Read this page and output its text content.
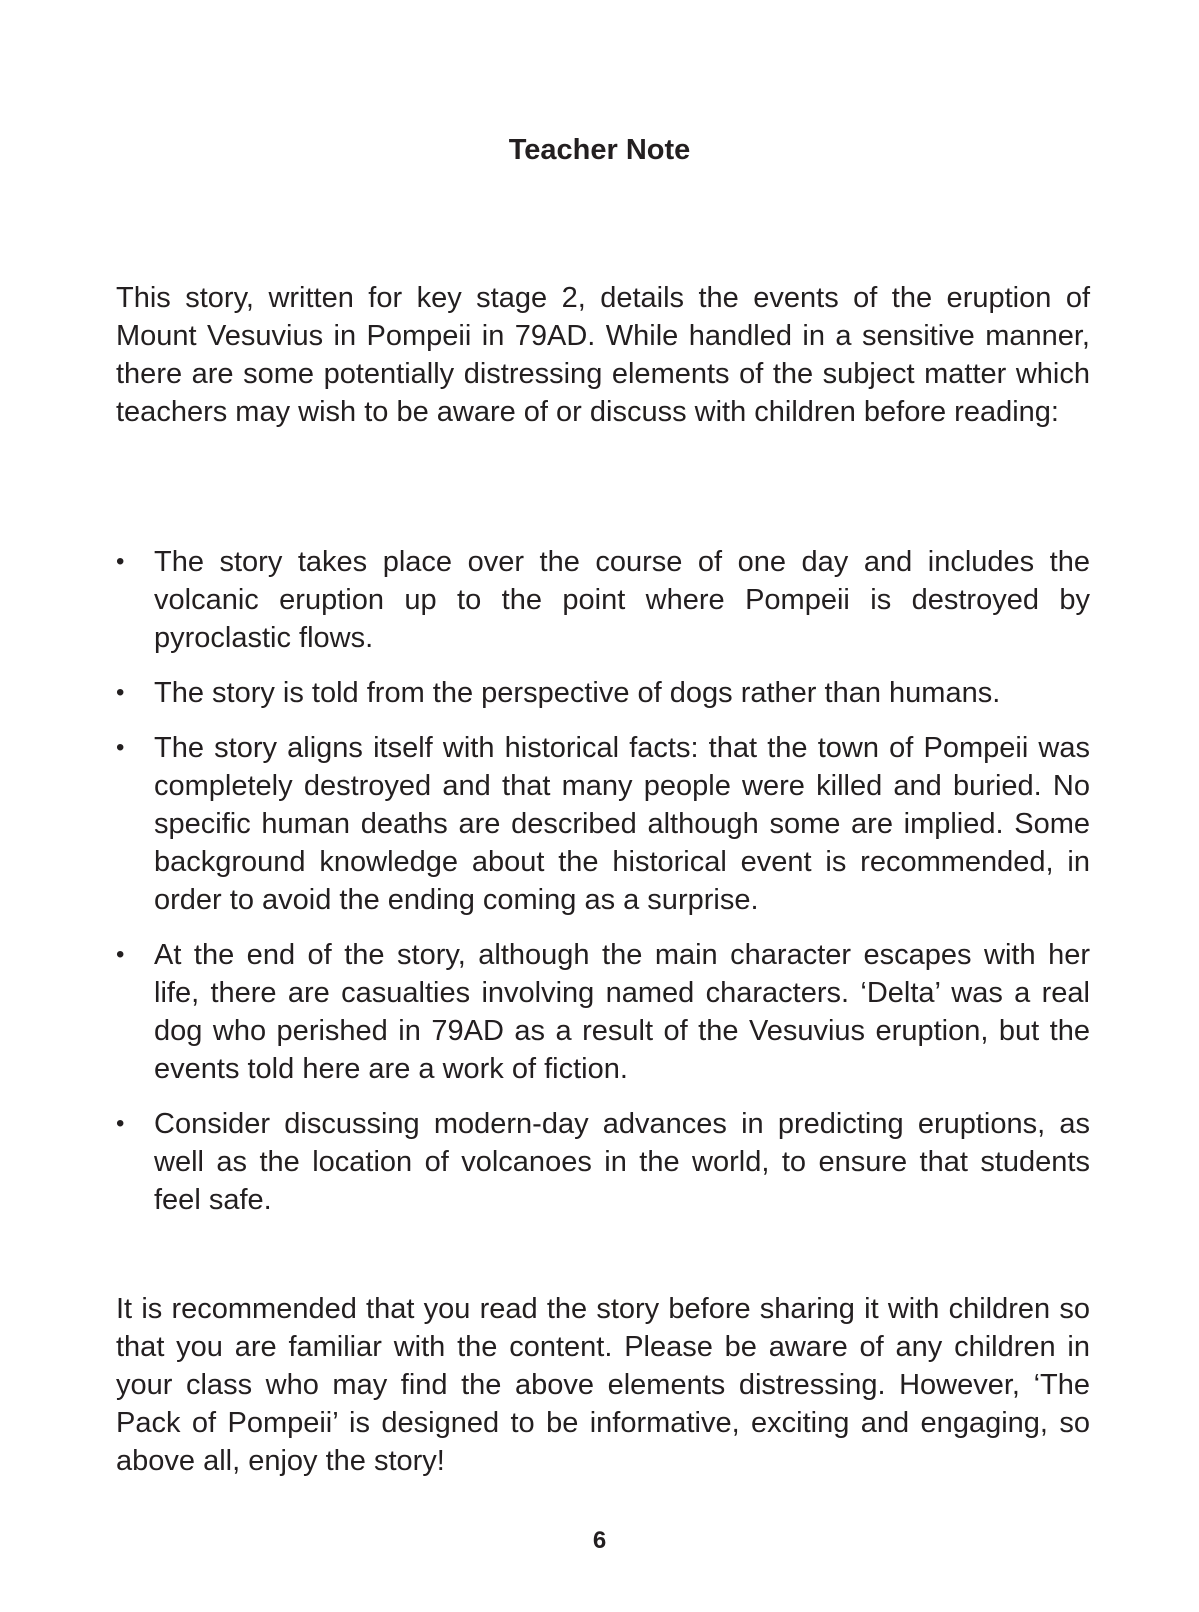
Teacher Note

This story, written for key stage 2, details the events of the eruption of Mount Vesuvius in Pompeii in 79AD. While handled in a sensitive manner, there are some potentially distressing elements of the subject matter which teachers may wish to be aware of or discuss with children before reading:

• The story takes place over the course of one day and includes the volcanic eruption up to the point where Pompeii is destroyed by pyroclastic flows.
• The story is told from the perspective of dogs rather than humans.
• The story aligns itself with historical facts: that the town of Pompeii was completely destroyed and that many people were killed and buried. No specific human deaths are described although some are implied. Some background knowledge about the historical event is recommended, in order to avoid the ending coming as a surprise.
• At the end of the story, although the main character escapes with her life, there are casualties involving named characters. ‘Delta’ was a real dog who perished in 79AD as a result of the Vesuvius eruption, but the events told here are a work of fiction.
• Consider discussing modern-day advances in predicting eruptions, as well as the location of volcanoes in the world, to ensure that students feel safe.

It is recommended that you read the story before sharing it with children so that you are familiar with the content. Please be aware of any children in your class who may find the above elements distressing. However, ‘The Pack of Pompeii’ is designed to be informative, exciting and engaging, so above all, enjoy the story!

6
